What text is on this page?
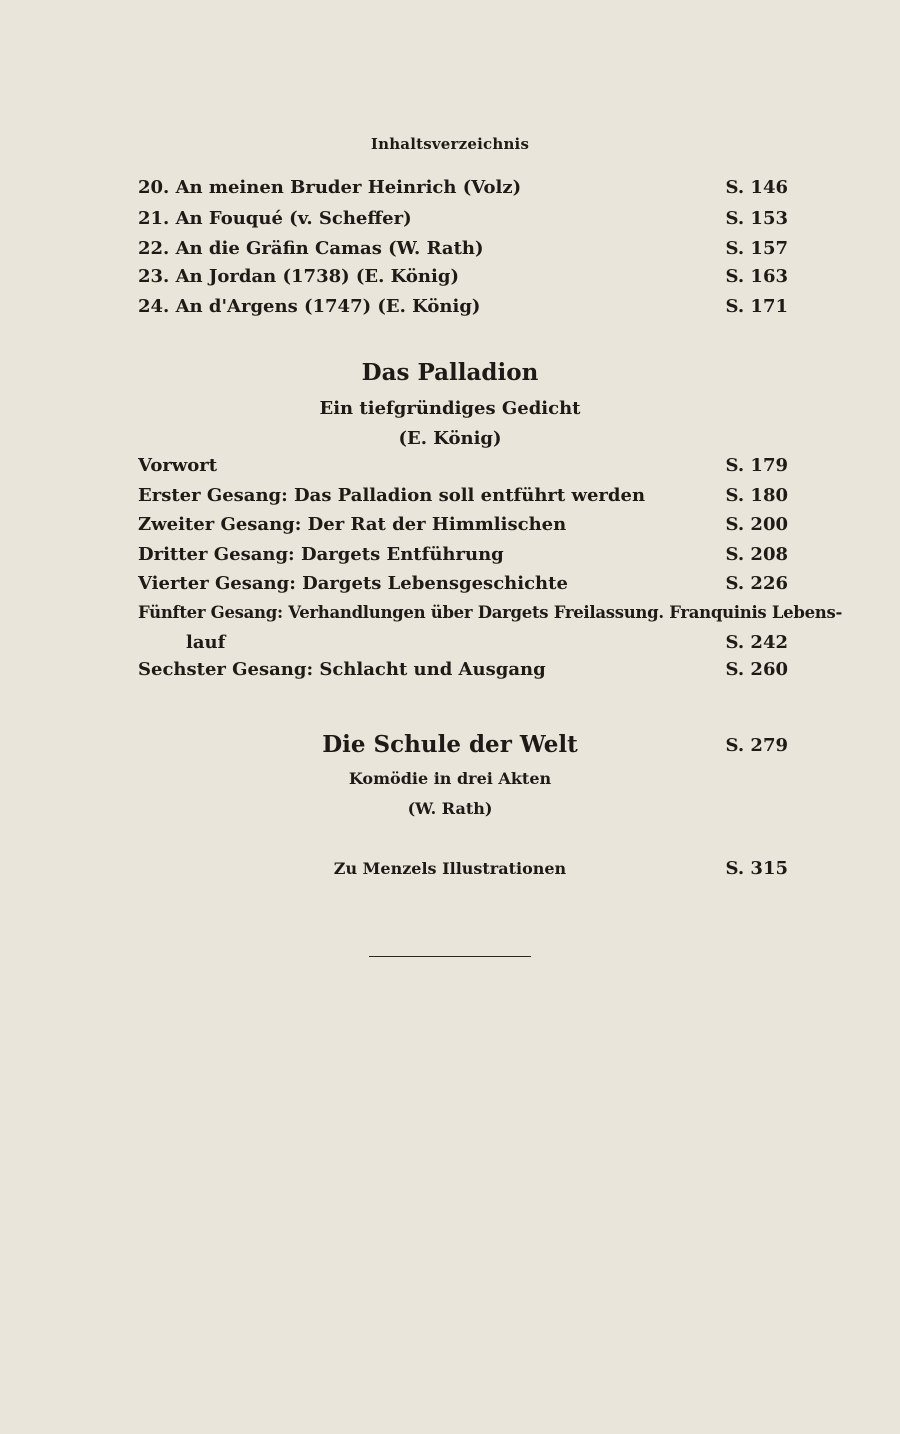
Inhaltsverzeichnis
20. An meinen Bruder Heinrich (Volz)	S. 146
21. An Fouqué (v. Scheffer)	S. 153
22. An die Gräfin Camas (W. Rath)	S. 157
23. An Jordan (1738) (E. König)	S. 163
24. An d'Argens (1747) (E. König)	S. 171
Das Palladion
Ein tiefgründiges Gedicht
(E. König)
Vorwort	S. 179
Erster Gesang: Das Palladion soll entführt werden	S. 180
Zweiter Gesang: Der Rat der Himmlischen	S. 200
Dritter Gesang: Dargets Entführung	S. 208
Vierter Gesang: Dargets Lebensgeschichte	S. 226
Fünfter Gesang: Verhandlungen über Dargets Freilassung. Franquinis Lebens-
lauf	S. 242
Sechster Gesang: Schlacht und Ausgang	S. 260
Die Schule der Welt	S. 279
Komödie in drei Akten
(W. Rath)
Zu Menzels Illustrationen	S. 315
